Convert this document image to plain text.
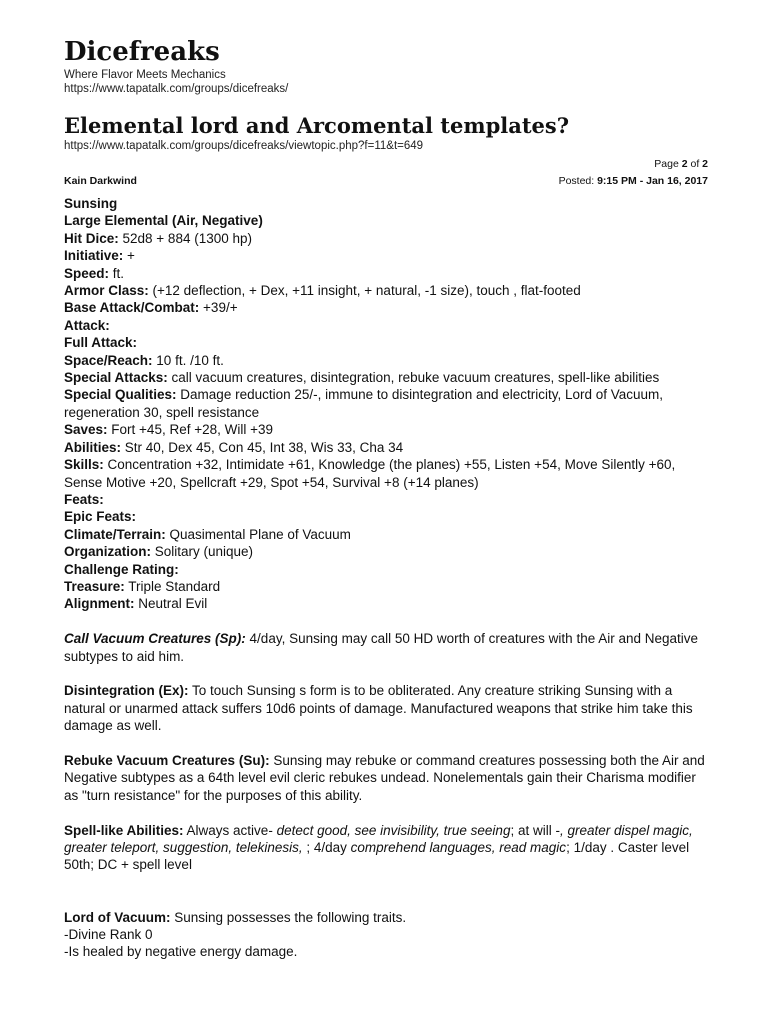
Dicefreaks
Where Flavor Meets Mechanics
https://www.tapatalk.com/groups/dicefreaks/
Elemental lord and Arcomental templates?
https://www.tapatalk.com/groups/dicefreaks/viewtopic.php?f=11&t=649
Page 2 of 2
Kain Darkwind	Posted: 9:15 PM - Jan 16, 2017
Sunsing
Large Elemental (Air, Negative)
Hit Dice: 52d8 + 884 (1300 hp)
Initiative: +
Speed: ft.
Armor Class: (+12 deflection, + Dex, +11 insight, + natural, -1 size), touch , flat-footed
Base Attack/Combat: +39/+
Attack:
Full Attack:
Space/Reach: 10 ft. /10 ft.
Special Attacks: call vacuum creatures, disintegration, rebuke vacuum creatures, spell-like abilities
Special Qualities: Damage reduction 25/-, immune to disintegration and electricity, Lord of Vacuum, regeneration 30, spell resistance
Saves: Fort +45, Ref +28, Will +39
Abilities: Str 40, Dex 45, Con 45, Int 38, Wis 33, Cha 34
Skills: Concentration +32, Intimidate +61, Knowledge (the planes) +55, Listen +54, Move Silently +60, Sense Motive +20, Spellcraft +29, Spot +54, Survival +8 (+14 planes)
Feats:
Epic Feats:
Climate/Terrain: Quasimental Plane of Vacuum
Organization: Solitary (unique)
Challenge Rating:
Treasure: Triple Standard
Alignment: Neutral Evil
Call Vacuum Creatures (Sp): 4/day, Sunsing may call 50 HD worth of creatures with the Air and Negative subtypes to aid him.
Disintegration (Ex): To touch Sunsing s form is to be obliterated. Any creature striking Sunsing with a natural or unarmed attack suffers 10d6 points of damage. Manufactured weapons that strike him take this damage as well.
Rebuke Vacuum Creatures (Su): Sunsing may rebuke or command creatures possessing both the Air and Negative subtypes as a 64th level evil cleric rebukes undead. Nonelementals gain their Charisma modifier as "turn resistance" for the purposes of this ability.
Spell-like Abilities: Always active- detect good, see invisibility, true seeing; at will -, greater dispel magic, greater teleport, suggestion, telekinesis, ; 4/day comprehend languages, read magic; 1/day . Caster level 50th; DC + spell level
Lord of Vacuum: Sunsing possesses the following traits.
-Divine Rank 0
-Is healed by negative energy damage.
